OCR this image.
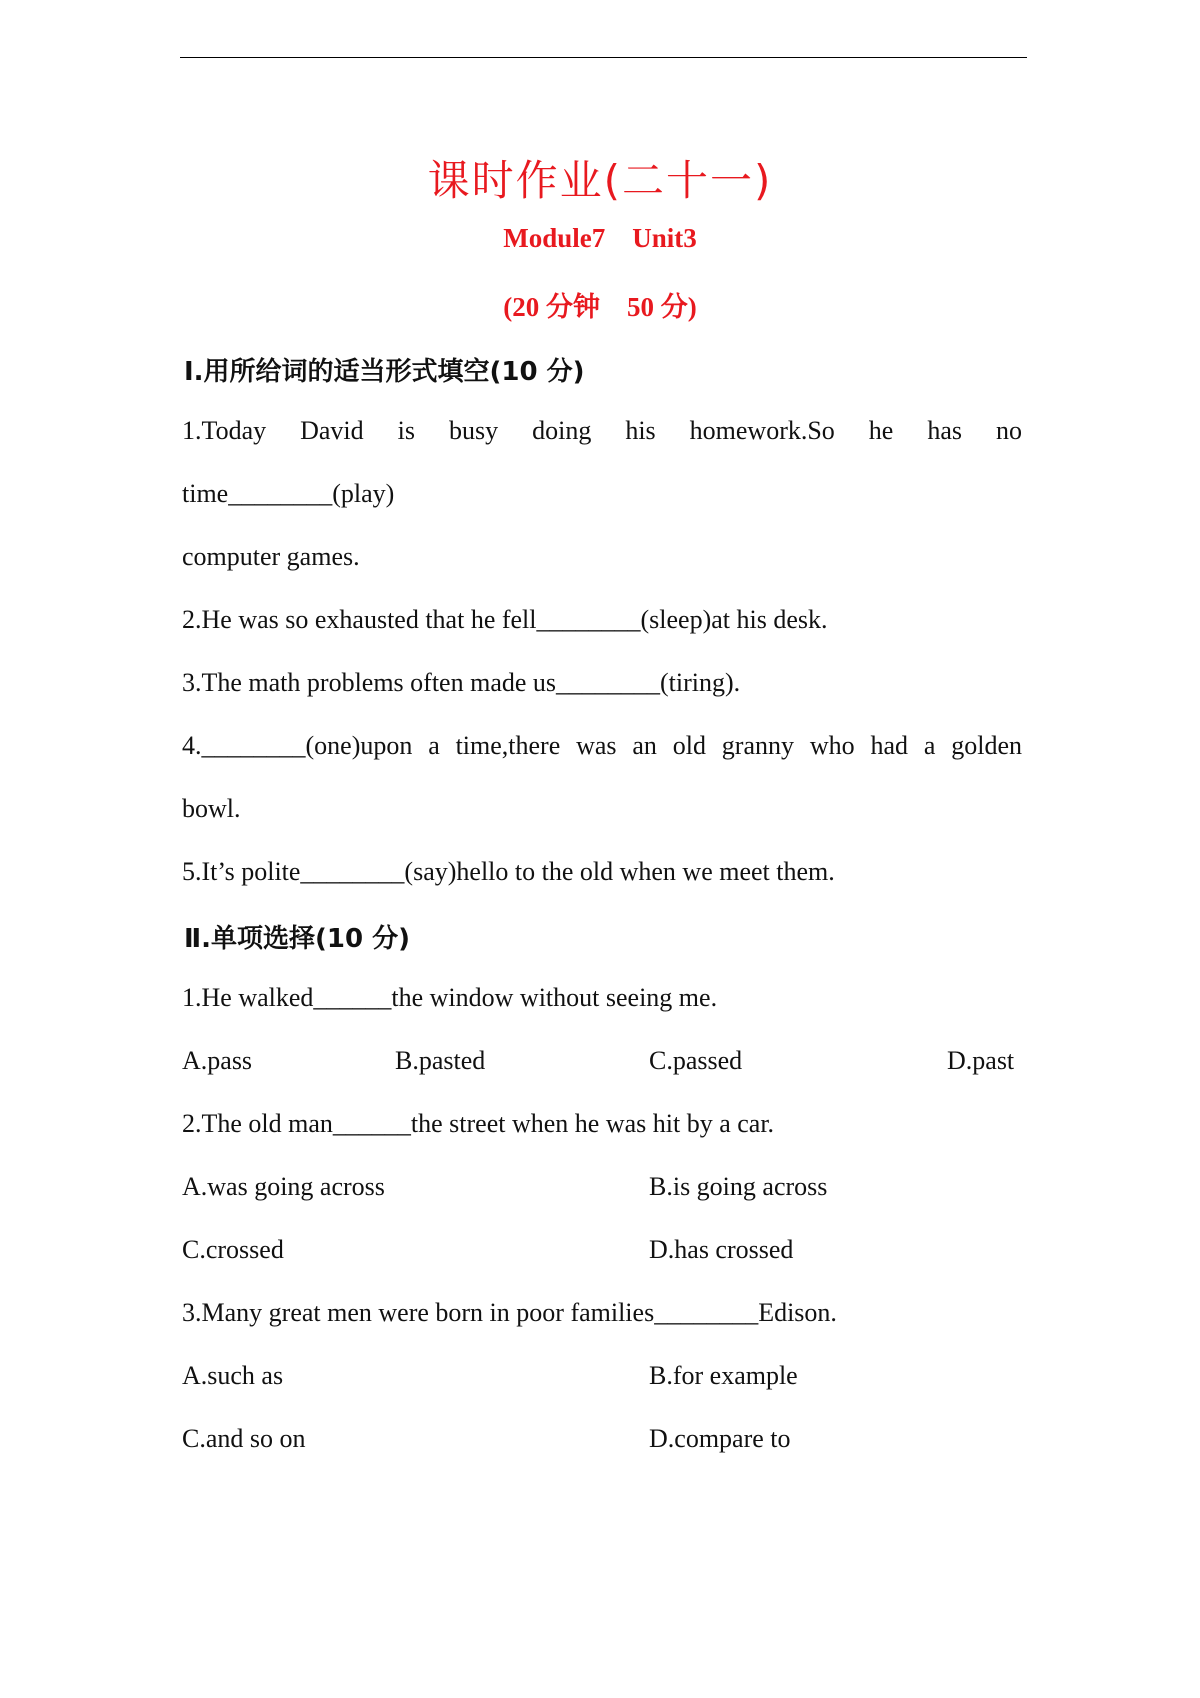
课时作业(二十一)
Module7    Unit3
(20 分钟    50 分)
Ⅰ.用所给词的适当形式填空(10 分)
1.Today David is busy doing his homework.So he has no
time________(play)
computer games.
2.He was so exhausted that he fell________(sleep)at his desk.
3.The math problems often made us________(tiring).
4.________(one)upon a time,there was an old granny who had a golden
bowl.
5.It’s polite________(say)hello to the old when we meet them.
Ⅱ.单项选择(10 分)
1.He walked______the window without seeing me.
A.pass	B.pasted	C.passed	D.past
2.The old man______the street when he was hit by a car.
A.was going across	B.is going across
C.crossed	D.has crossed
3.Many great men were born in poor families________Edison.
A.such as	B.for example
C.and so on	D.compare to
